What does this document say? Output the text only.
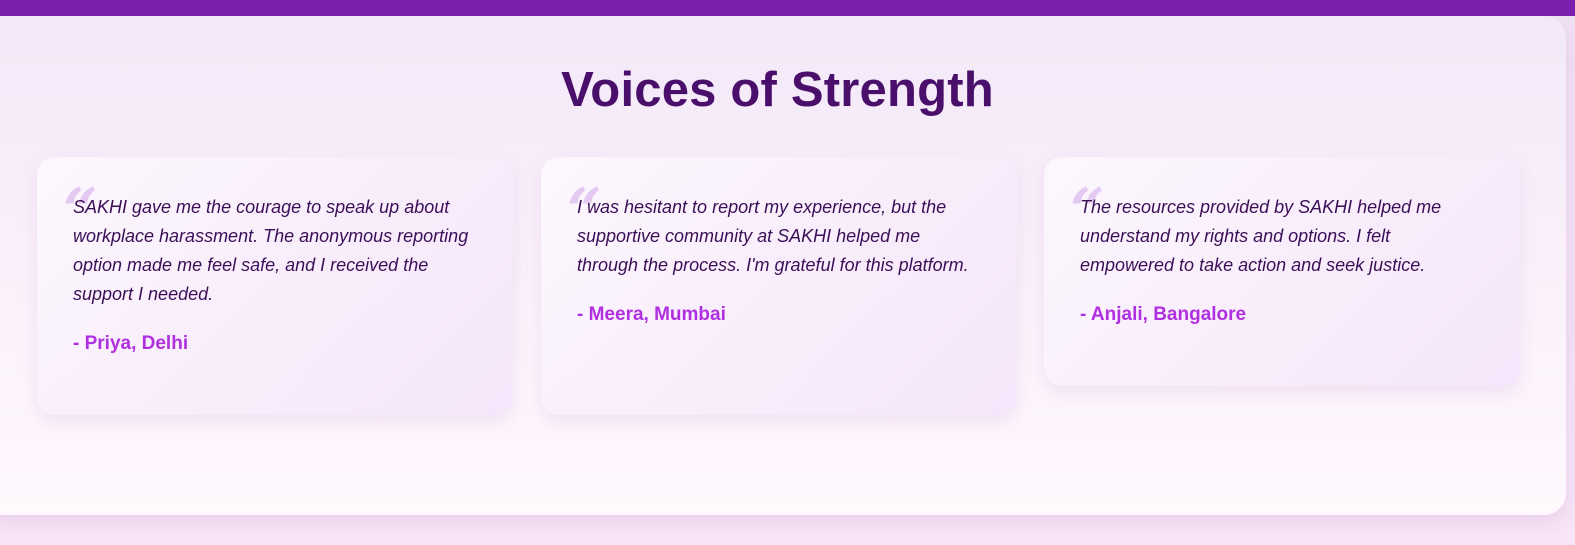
Voices of Strength
“

SAKHI gave me the courage to speak up about workplace harassment. The anonymous reporting option made me feel safe, and I received the support I needed.

- Priya, Delhi

“

I was hesitant to report my experience, but the supportive community at SAKHI helped me through the process. I'm grateful for this platform.

- Meera, Mumbai

“

The resources provided by SAKHI helped me understand my rights and options. I felt empowered to take action and seek justice.

- Anjali, Bangalore
